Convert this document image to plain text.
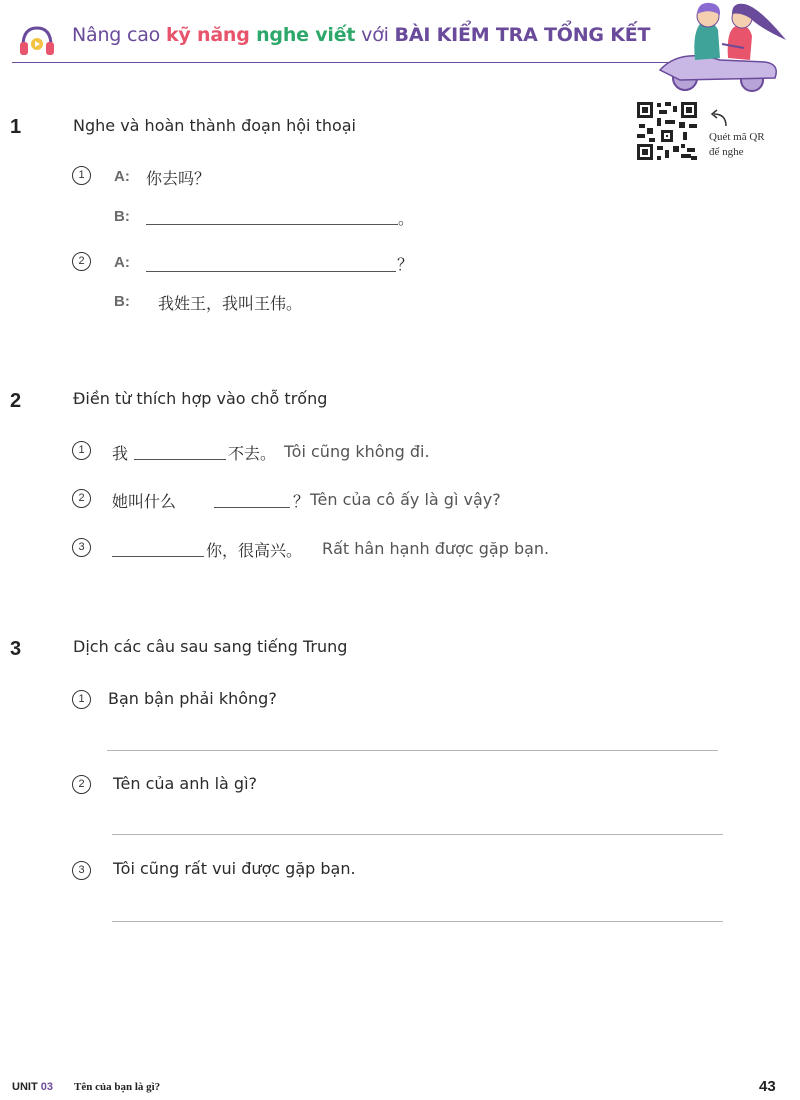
Nâng cao kỹ năng nghe viết với BÀI KIỂM TRA TỔNG KẾT
Quét mã QR
để nghe
1	Nghe và hoàn thành đoạn hội thoại
1	A: 你去吗？
B:	。
2	A:	？
B: 我姓王，我叫王伟。
2	Điền từ thích hợp vào chỗ trống
1	我	不去。 Tôi cũng không đi.
2	她叫什么	？ Tên của cô ấy là gì vậy?
3	你，很高兴。 Rất hân hạnh được gặp bạn.
3	Dịch các câu sau sang tiếng Trung
1	Bạn bận phải không?
2	Tên của anh là gì?
3	Tôi cũng rất vui được gặp bạn.
UNIT 03 Tên của bạn là gì?	43
